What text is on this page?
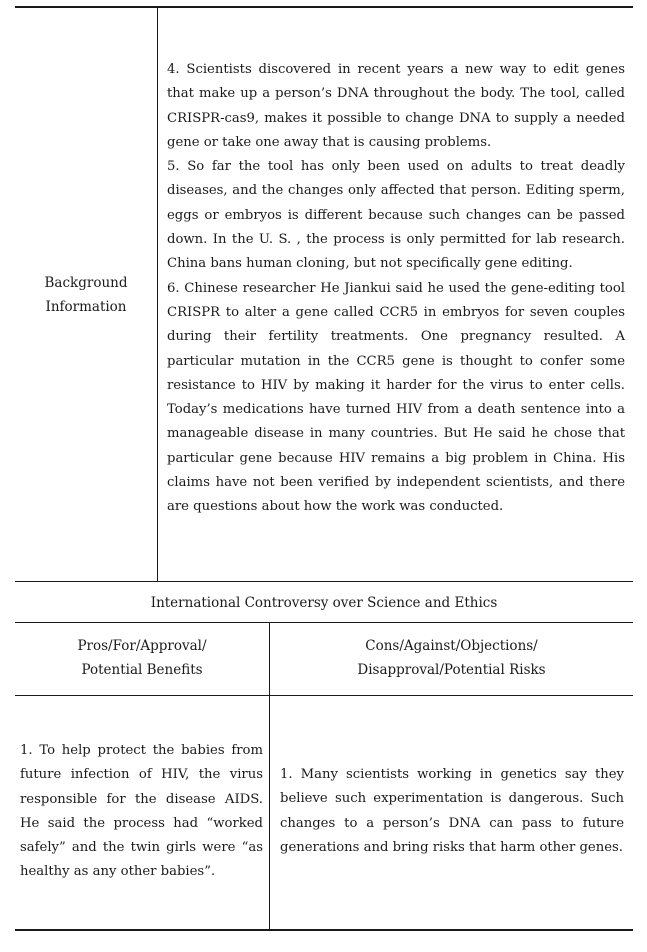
Background
Information

4. Scientists discovered in recent years a new way to edit genes that make up a person’s DNA throughout the body. The tool, called CRISPR-cas9, makes it possible to change DNA to supply a needed gene or take one away that is causing problems.

5. So far the tool has only been used on adults to treat deadly diseases, and the changes only affected that person. Editing sperm, eggs or embryos is different because such changes can be passed down. In the U. S. , the process is only permitted for lab research. China bans human cloning, but not specifically gene editing.

6. Chinese researcher He Jiankui said he used the gene-editing tool CRISPR to alter a gene called CCR5 in embryos for seven couples during their fertility treatments. One pregnancy resulted. A particular mutation in the CCR5 gene is thought to confer some resistance to HIV by making it harder for the virus to enter cells. Today’s medications have turned HIV from a death sentence into a manageable disease in many countries. But He said he chose that particular gene because HIV remains a big problem in China. His claims have not been verified by independent scientists, and there are questions about how the work was conducted.

International Controversy over Science and Ethics
Pros/For/Approval/
Potential Benefits
Cons/Against/Objections/
Disapproval/Potential Risks

1. To help protect the babies from future infection of HIV, the virus responsible for the disease AIDS. He said the process had “worked safely” and the twin girls were “as healthy as any other babies”.

1. Many scientists working in genetics say they believe such experimentation is dangerous. Such changes to a person’s DNA can pass to future generations and bring risks that harm other genes.
